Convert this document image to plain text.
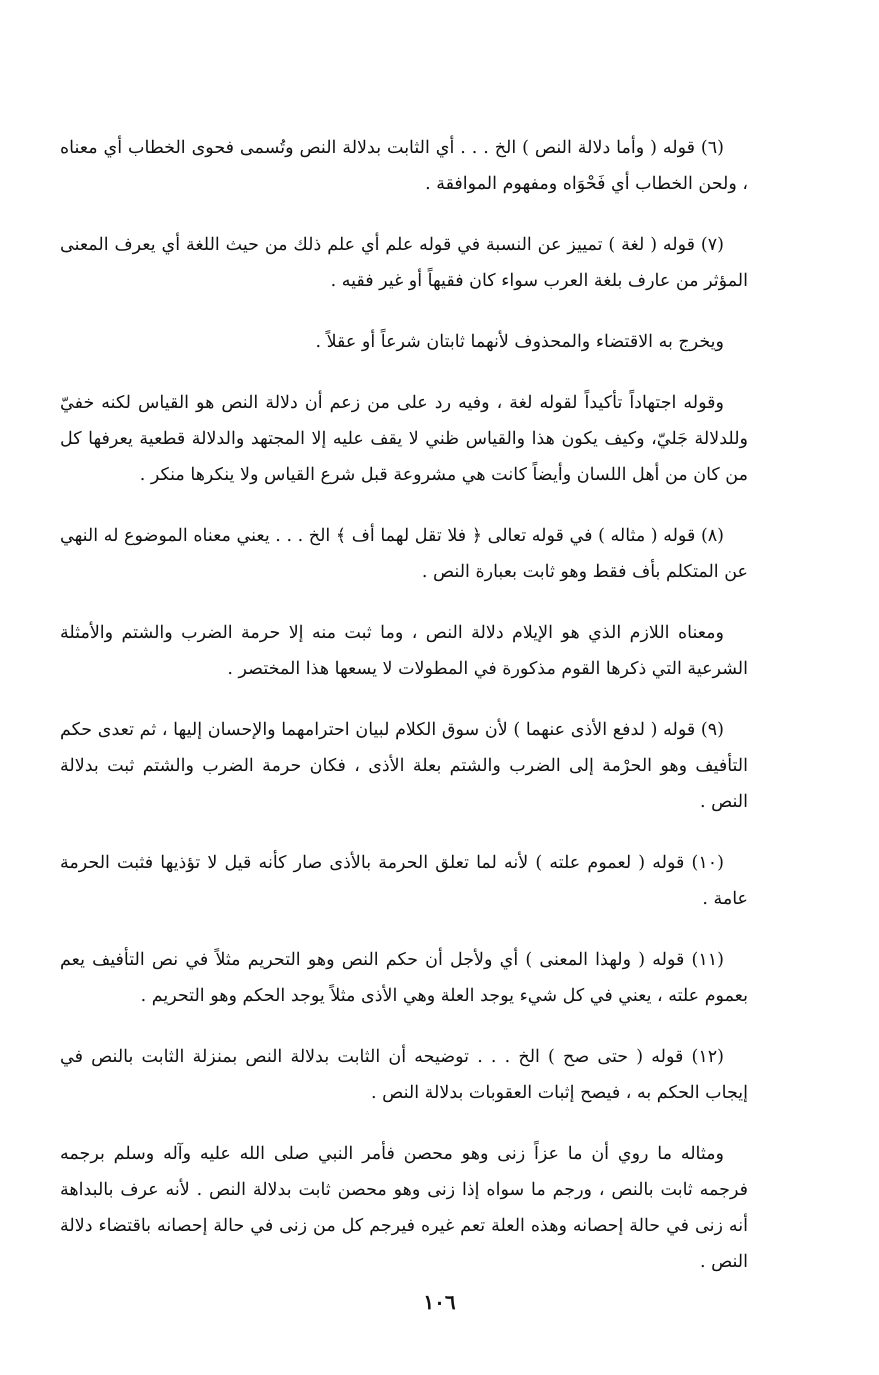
(٦) قوله ( وأما دلالة النص ) الخ . . . أي الثابت بدلالة النص وتُسمى فحوى الخطاب أي معناه ، ولحن الخطاب أي فَحْوَاه ومفهوم الموافقة .

(٧) قوله ( لغة ) تمييز عن النسبة في قوله علم أي علم ذلك من حيث اللغة أي يعرف المعنى المؤثر من عارف بلغة العرب سواء كان فقيهاً أو غير فقيه .

ويخرج به الاقتضاء والمحذوف لأنهما ثابتان شرعاً أو عقلاً .

وقوله اجتهاداً تأكيداً لقوله لغة ، وفيه رد على من زعم أن دلالة النص هو القياس لكنه خفيّ وللدلالة جَليّ، وكيف يكون هذا والقياس ظني لا يقف عليه إلا المجتهد والدلالة قطعية يعرفها كل من كان من أهل اللسان وأيضاً كانت هي مشروعة قبل شرع القياس ولا ينكرها منكر .

(٨) قوله ( مثاله ) في قوله تعالى ﴿ فلا تقل لهما أف ﴾ الخ . . . يعني معناه الموضوع له النهي عن المتكلم بأف فقط وهو ثابت بعبارة النص .

ومعناه اللازم الذي هو الإيلام دلالة النص ، وما ثبت منه إلا حرمة الضرب والشتم والأمثلة الشرعية التي ذكرها القوم مذكورة في المطولات لا يسعها هذا المختصر .

(٩) قوله ( لدفع الأذى عنهما ) لأن سوق الكلام لبيان احترامهما والإحسان إليها ، ثم تعدى حكم التأفيف وهو الحرْمة إلى الضرب والشتم بعلة الأذى ، فكان حرمة الضرب والشتم ثبت بدلالة النص .

(١٠) قوله ( لعموم علته ) لأنه لما تعلق الحرمة بالأذى صار كأنه قيل لا تؤذيها فثبت الحرمة عامة .

(١١) قوله ( ولهذا المعنى ) أي ولأجل أن حكم النص وهو التحريم مثلاً في نص التأفيف يعم بعموم علته ، يعني في كل شيء يوجد العلة وهي الأذى مثلاً يوجد الحكم وهو التحريم .

(١٢) قوله ( حتى صح ) الخ . . . توضيحه أن الثابت بدلالة النص بمنزلة الثابت بالنص في إيجاب الحكم به ، فيصح إثبات العقوبات بدلالة النص .

ومثاله ما روي أن ما عزاً زنى وهو محصن فأمر النبي صلى الله عليه وآله وسلم برجمه فرجمه ثابت بالنص ، ورجم ما سواه إذا زنى وهو محصن ثابت بدلالة النص . لأنه عرف بالبداهة أنه زنى في حالة إحصانه وهذه العلة تعم غيره فيرجم كل من زنى في حالة إحصانه باقتضاء دلالة النص .

١٠٦
